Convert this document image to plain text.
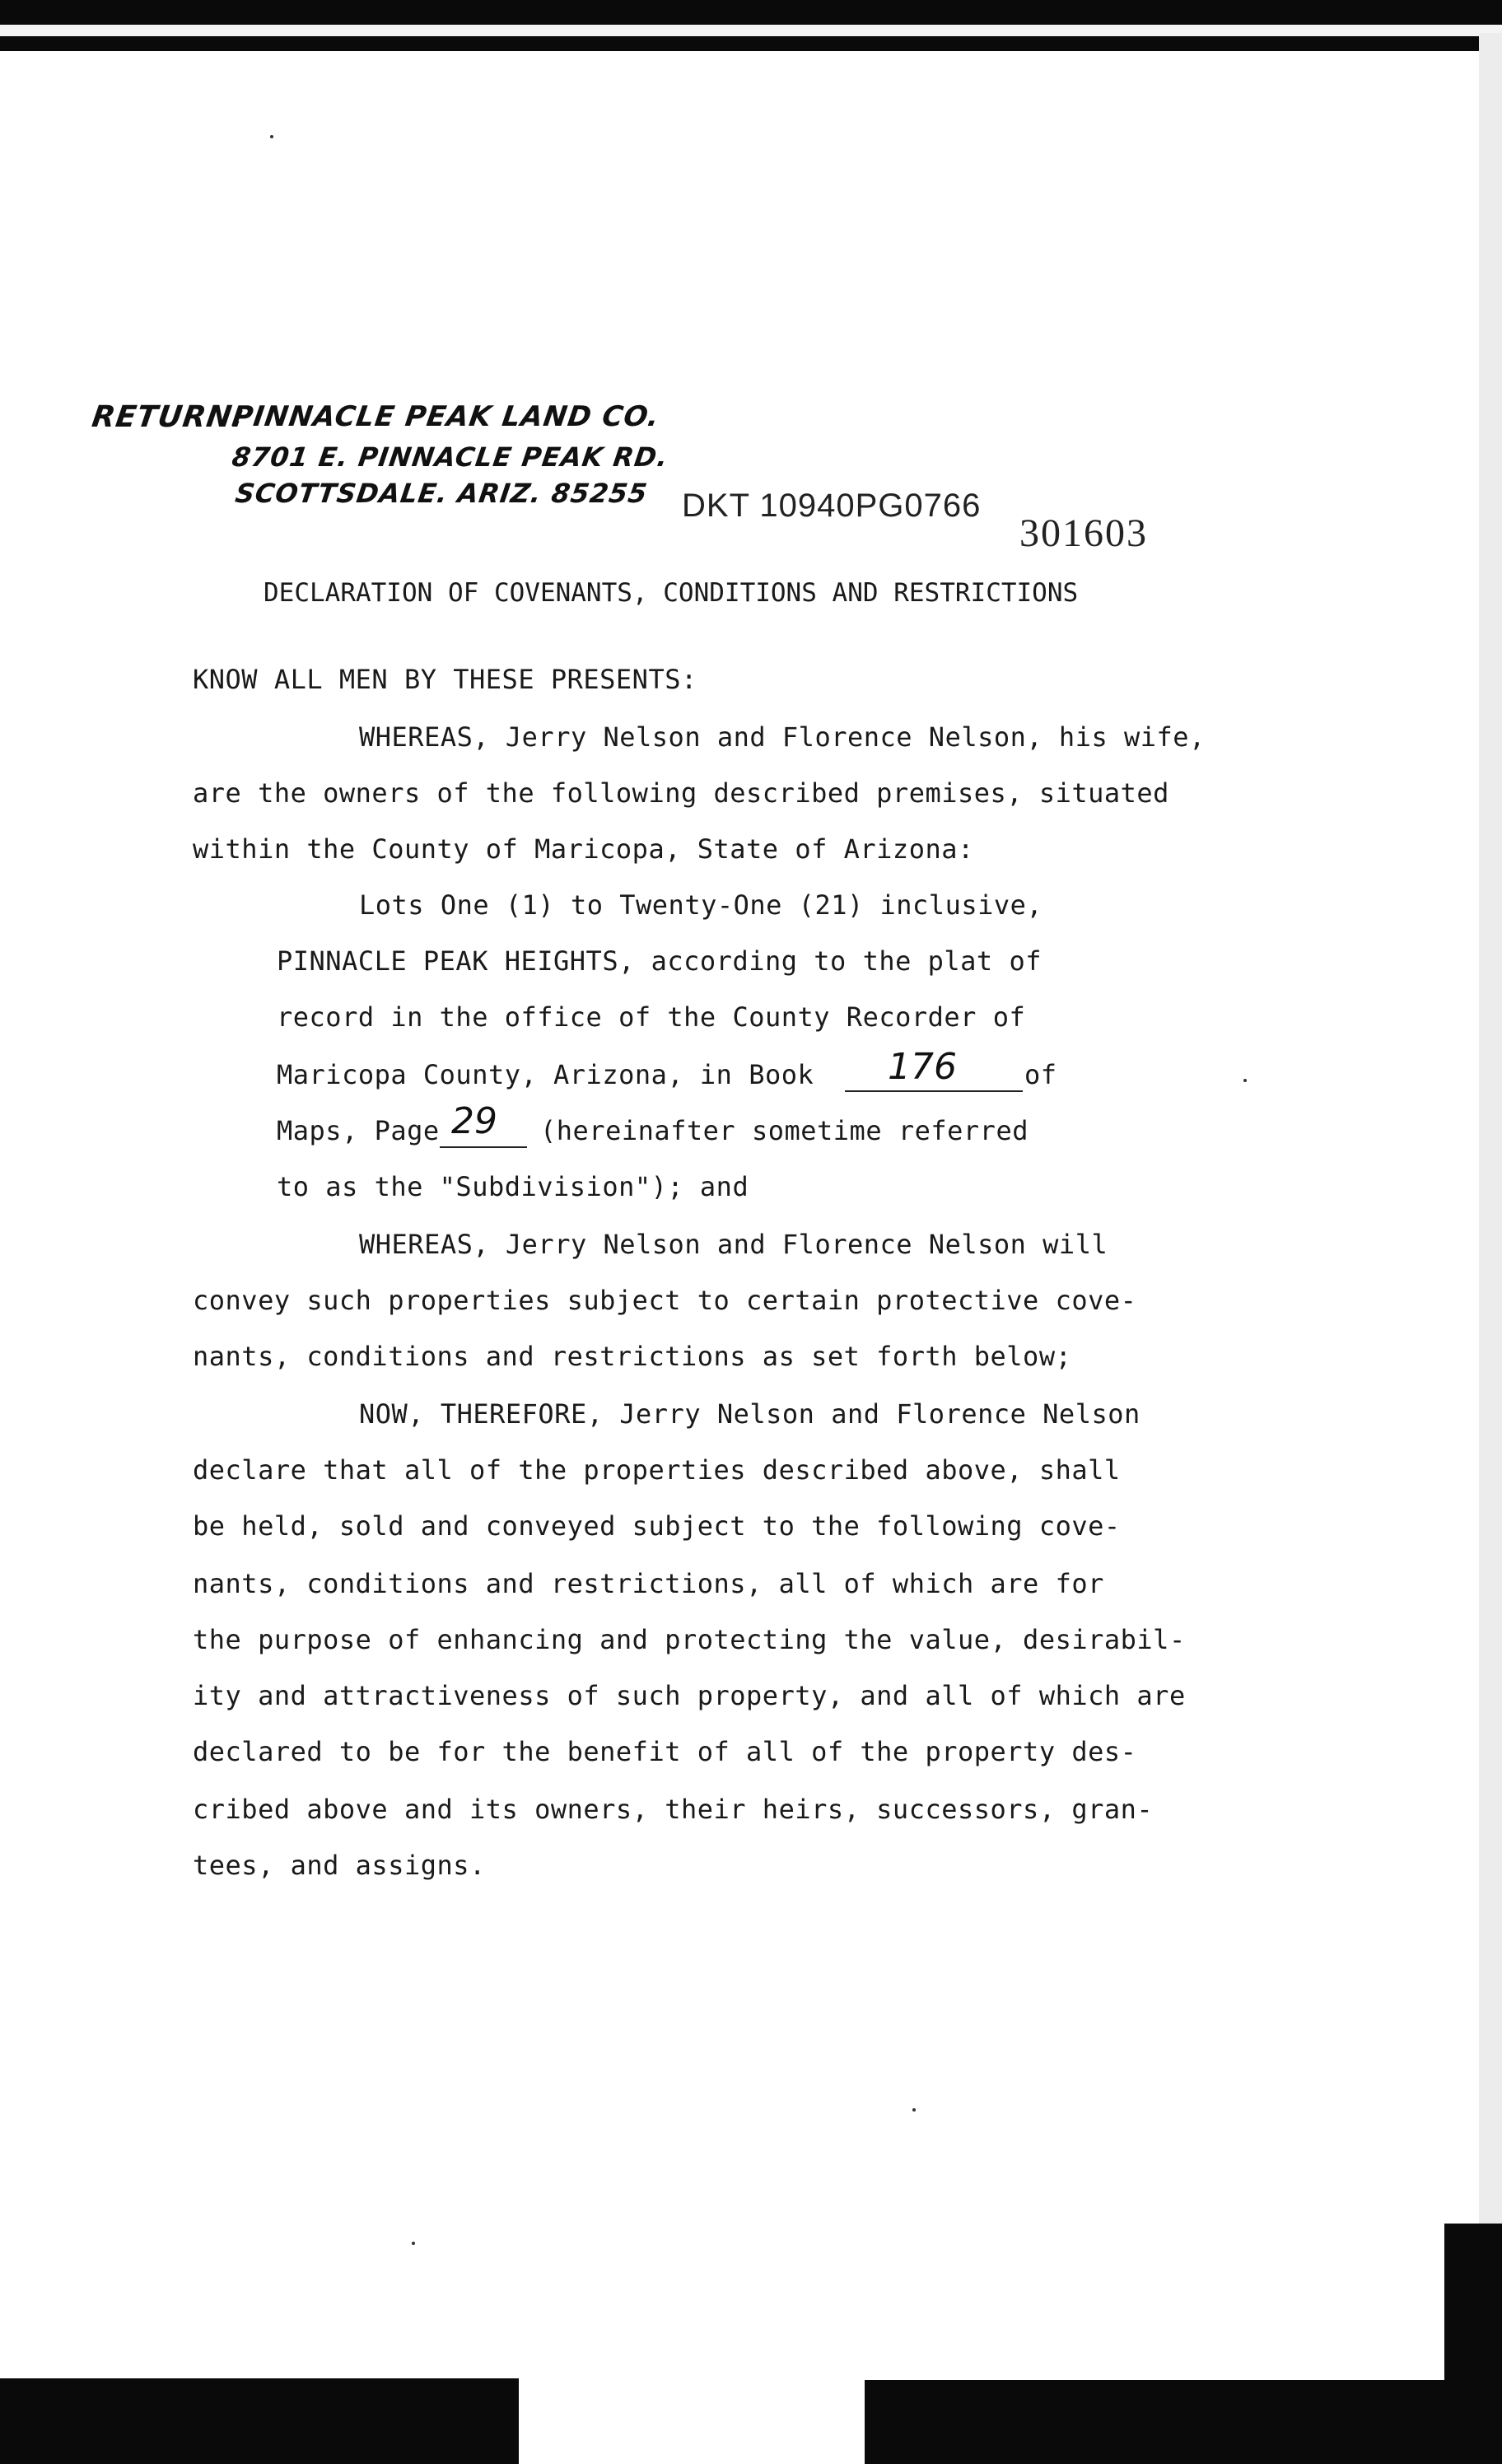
RETURN:
PINNACLE PEAK LAND CO.
8701 E. PINNACLE PEAK RD.
SCOTTSDALE. ARIZ. 85255 DKT 10940PG0766
301603
DECLARATION OF COVENANTS, CONDITIONS AND RESTRICTIONS
KNOW ALL MEN BY THESE PRESENTS:
WHEREAS, Jerry Nelson and Florence Nelson, his wife,
are the owners of the following described premises, situated
within the County of Maricopa, State of Arizona:
Lots One (1) to Twenty-One (21) inclusive,
PINNACLE PEAK HEIGHTS, according to the plat of
record in the office of the County Recorder of
Maricopa County, Arizona, in Book 176	of
Maps, Page 29 (hereinafter sometime referred
to as the "Subdivision"); and
WHEREAS, Jerry Nelson and Florence Nelson will
convey such properties subject to certain protective cove-
nants, conditions and restrictions as set forth below;
NOW, THEREFORE, Jerry Nelson and Florence Nelson
declare that all of the properties described above, shall
be held, sold and conveyed subject to the following cove-
nants, conditions and restrictions, all of which are for
the purpose of enhancing and protecting the value, desirabil-
ity and attractiveness of such property, and all of which are
declared to be for the benefit of all of the property des-
cribed above and its owners, their heirs, successors, gran-
tees, and assigns.
